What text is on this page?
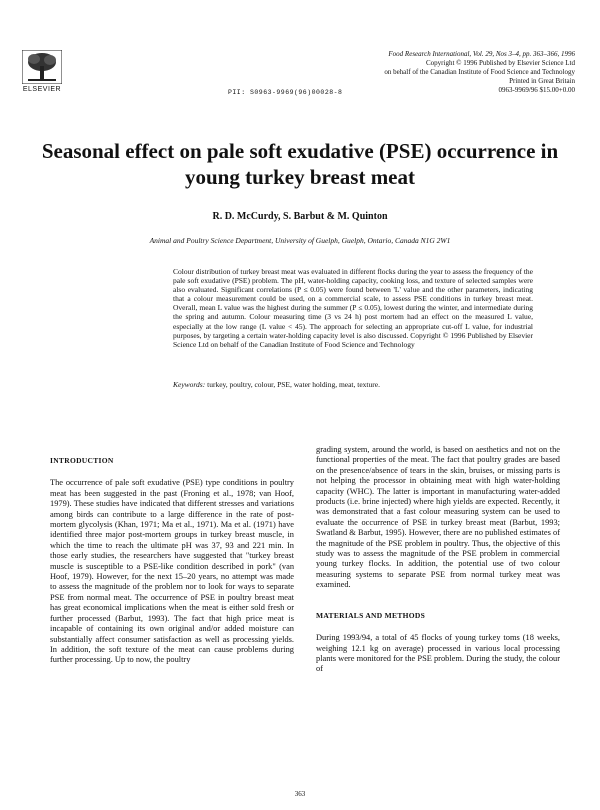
ELSEVIER
Food Research International, Vol. 29, Nos 3–4, pp. 363–366, 1996
Copyright © 1996 Published by Elsevier Science Ltd
on behalf of the Canadian Institute of Food Science and Technology
Printed in Great Britain
0963-9969/96 $15.00+0.00
PII: S0963-9969(96)00028-8
Seasonal effect on pale soft exudative (PSE) occurrence in young turkey breast meat
R. D. McCurdy, S. Barbut & M. Quinton
Animal and Poultry Science Department, University of Guelph, Guelph, Ontario, Canada N1G 2W1

Colour distribution of turkey breast meat was evaluated in different flocks during the year to assess the frequency of the pale soft exudative (PSE) problem. The pH, water-holding capacity, cooking loss, and texture of selected samples were also evaluated. Significant correlations (P ≤ 0.05) were found between 'L' value and the other parameters, indicating that a colour measurement could be used, on a commercial scale, to assess PSE conditions in turkey breast meat. Overall, mean L value was the highest during the summer (P ≤ 0.05), lowest during the winter, and intermediate during the spring and autumn. Colour measuring time (3 vs 24 h) post mortem had an effect on the measured L value, especially at the low range (L value < 45). The approach for selecting an appropriate cut-off L value, for industrial purposes, by targeting a certain water-holding capacity level is also discussed. Copyright © 1996 Published by Elsevier Science Ltd on behalf of the Canadian Institute of Food Science and Technology

Keywords: turkey, poultry, colour, PSE, water holding, meat, texture.

INTRODUCTION

The occurrence of pale soft exudative (PSE) type conditions in poultry meat has been suggested in the past (Froning et al., 1978; van Hoof, 1979). These studies have indicated that different stresses and variations among birds can contribute to a large difference in the rate of post-mortem glycolysis (Khan, 1971; Ma et al., 1971). Ma et al. (1971) have identified three major post-mortem groups in turkey breast muscle, in which the time to reach the ultimate pH was 37, 93 and 221 min. In those early studies, the researchers have suggested that "turkey breast muscle is susceptible to a PSE-like condition described in pork" (van Hoof, 1979). However, for the next 15–20 years, no attempt was made to assess the magnitude of the problem nor to look for ways to separate PSE from normal meat. The occurrence of PSE in poultry breast meat has great economical implications when the meat is either sold fresh or further processed (Barbut, 1993). The fact that high price meat is incapable of containing its own original and/or added moisture can substantially affect consumer satisfaction as well as processing yields. In addition, the soft texture of the meat can cause problems during further processing. Up to now, the poultry

grading system, around the world, is based on aesthetics and not on the functional properties of the meat. The fact that poultry grades are based on the presence/absence of tears in the skin, bruises, or missing parts is not helping the processor in obtaining meat with high water-holding capacity (WHC). The latter is important in manufacturing water-added products (i.e. brine injected) where high yields are expected. Recently, it was demonstrated that a fast colour measuring system can be used to evaluate the occurrence of PSE in turkey breast meat (Barbut, 1993; Swatland & Barbut, 1995). However, there are no published estimates of the magnitude of the PSE problem in poultry. Thus, the objective of this study was to assess the magnitude of the PSE problem in commercial young turkey flocks. In addition, the potential use of two colour measuring systems to separate PSE from normal turkey meat was examined.

MATERIALS AND METHODS

During 1993/94, a total of 45 flocks of young turkey toms (18 weeks, weighing 12.1 kg on average) processed in various local processing plants were monitored for the PSE problem. During the study, the colour of

363
